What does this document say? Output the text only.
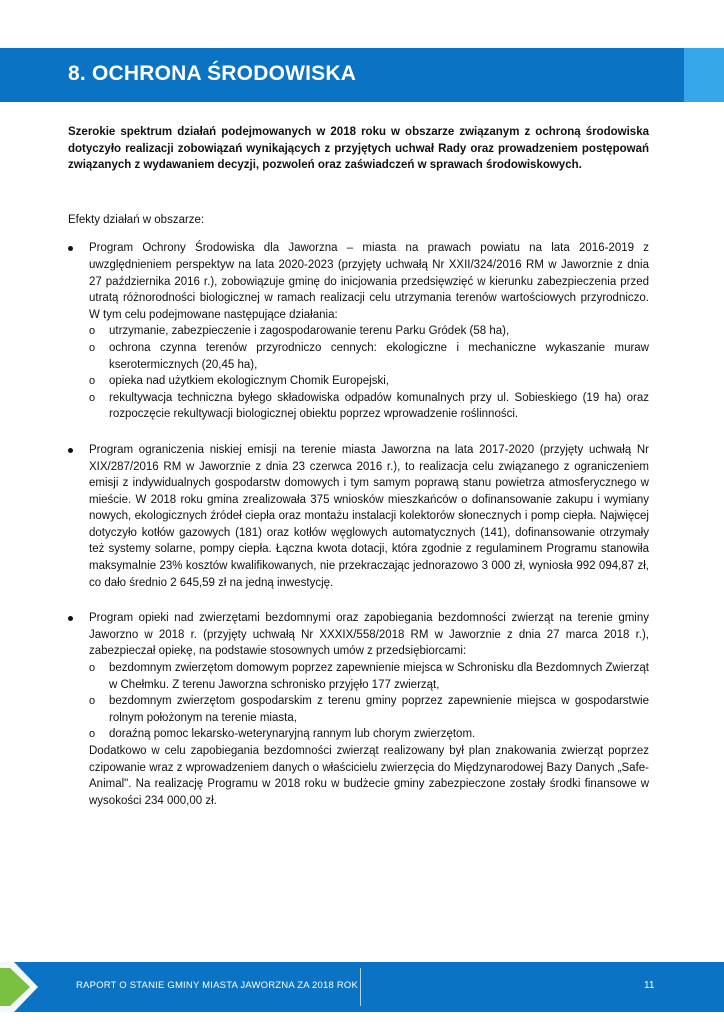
8. OCHRONA ŚRODOWISKA

Szerokie spektrum działań podejmowanych w 2018 roku w obszarze związanym z ochroną środowiska dotyczyło realizacji zobowiązań wynikających z przyjętych uchwał Rady oraz prowadzeniem postępowań związanych z wydawaniem decyzji, pozwoleń oraz zaświadczeń w sprawach środowiskowych.

Efekty działań w obszarze:

Program Ochrony Środowiska dla Jaworzna – miasta na prawach powiatu na lata 2016-2019 z uwzględnieniem perspektyw na lata 2020-2023 (przyjęty uchwałą Nr XXII/324/2016 RM w Jaworznie z dnia 27 października 2016 r.), zobowiązuje gminę do inicjowania przedsięwzięć w kierunku zabezpieczenia przed utratą różnorodności biologicznej w ramach realizacji celu utrzymania terenów wartościowych przyrodniczo. W tym celu podejmowane następujące działania:

o utrzymanie, zabezpieczenie i zagospodarowanie terenu Parku Gródek (58 ha),
o ochrona czynna terenów przyrodniczo cennych: ekologiczne i mechaniczne wykaszanie muraw kserotermicznych (20,45 ha),
o opieka nad użytkiem ekologicznym Chomik Europejski,
o rekultywacja techniczna byłego składowiska odpadów komunalnych przy ul. Sobieskiego (19 ha) oraz rozpoczęcie rekultywacji biologicznej obiektu poprzez wprowadzenie roślinności.

Program ograniczenia niskiej emisji na terenie miasta Jaworzna na lata 2017-2020 (przyjęty uchwałą Nr XIX/287/2016 RM w Jaworznie z dnia 23 czerwca 2016 r.), to realizacja celu związanego z ograniczeniem emisji z indywidualnych gospodarstw domowych i tym samym poprawą stanu powietrza atmosferycznego w mieście. W 2018 roku gmina zrealizowała 375 wniosków mieszkańców o dofinansowanie zakupu i wymiany nowych, ekologicznych źródeł ciepła oraz montażu instalacji kolektorów słonecznych i pomp ciepła. Najwięcej dotyczyło kotłów gazowych (181) oraz kotłów węglowych automatycznych (141), dofinansowanie otrzymały też systemy solarne, pompy ciepła. Łączna kwota dotacji, która zgodnie z regulaminem Programu stanowiła maksymalnie 23% kosztów kwalifikowanych, nie przekraczając jednorazowo 3 000 zł, wyniosła 992 094,87 zł, co dało średnio 2 645,59 zł na jedną inwestycję.

Program opieki nad zwierzętami bezdomnymi oraz zapobiegania bezdomności zwierząt na terenie gminy Jaworzno w 2018 r. (przyjęty uchwałą Nr XXXIX/558/2018 RM w Jaworznie z dnia 27 marca 2018 r.), zabezpieczał opiekę, na podstawie stosownych umów z przedsiębiorcami:

o bezdomnym zwierzętom domowym poprzez zapewnienie miejsca w Schronisku dla Bezdomnych Zwierząt w Chełmku. Z terenu Jaworzna schronisko przyjęło 177 zwierząt,
o bezdomnym zwierzętom gospodarskim z terenu gminy poprzez zapewnienie miejsca w gospodarstwie rolnym położonym na terenie miasta,
o doraźną pomoc lekarsko-weterynaryjną rannym lub chorym zwierzętom.

Dodatkowo w celu zapobiegania bezdomności zwierząt realizowany był plan znakowania zwierząt poprzez czipowanie wraz z wprowadzeniem danych o właścicielu zwierzęcia do Międzynarodowej Bazy Danych „Safe-Animal". Na realizację Programu w 2018 roku w budżecie gminy zabezpieczone zostały środki finansowe w wysokości 234 000,00 zł.

RAPORT O STANIE GMINY MIASTA JAWORZNA ZA 2018 ROK	11
